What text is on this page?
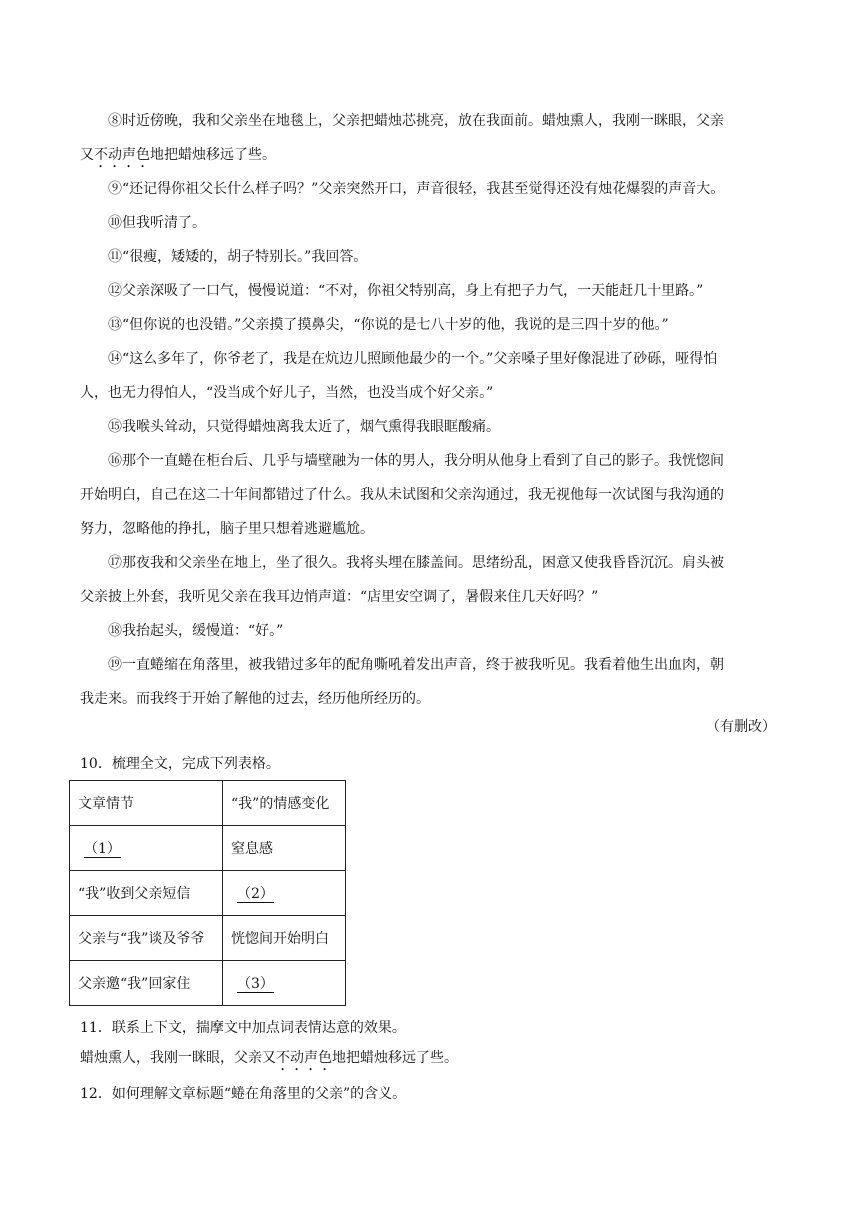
⑧时近傍晚，我和父亲坐在地毯上，父亲把蜡烛芯挑亮，放在我面前。蜡烛熏人，我刚一眯眼，父亲
又不动声色地把蜡烛移远了些。
⑨“还记得你祖父长什么样子吗？”父亲突然开口，声音很轻，我甚至觉得还没有烛花爆裂的声音大。
⑩但我听清了。
⑪“很瘦，矮矮的，胡子特别长。”我回答。
⑫父亲深吸了一口气，慢慢说道：“不对，你祖父特别高，身上有把子力气，一天能赶几十里路。”
⑬“但你说的也没错。”父亲摸了摸鼻尖，“你说的是七八十岁的他，我说的是三四十岁的他。”
⑭“这么多年了，你爷老了，我是在炕边儿照顾他最少的一个。”父亲嗓子里好像混进了砂砾，哑得怕
人，也无力得怕人，“没当成个好儿子，当然，也没当成个好父亲。”
⑮我喉头耸动，只觉得蜡烛离我太近了，烟气熏得我眼眶酸痛。
⑯那个一直蜷在柜台后、几乎与墙壁融为一体的男人，我分明从他身上看到了自己的影子。我恍惚间
开始明白，自己在这二十年间都错过了什么。我从未试图和父亲沟通过，我无视他每一次试图与我沟通的
努力，忽略他的挣扎，脑子里只想着逃避尴尬。
⑰那夜我和父亲坐在地上，坐了很久。我将头埋在膝盖间。思绪纷乱，困意又使我昏昏沉沉。肩头被
父亲披上外套，我听见父亲在我耳边悄声道：“店里安空调了，暑假来住几天好吗？”
⑱我抬起头，缓慢道：“好。”
⑲一直蜷缩在角落里，被我错过多年的配角嘶吼着发出声音，终于被我听见。我看着他生出血肉，朝
我走来。而我终于开始了解他的过去，经历他所经历的。
（有删改）
10．梳理全文，完成下列表格。
文章情节	“我”的情感变化
（1）	窒息感
“我”收到父亲短信	（2）
父亲与“我”谈及爷爷	恍惚间开始明白
父亲邀“我”回家住	（3）
11．联系上下文，揣摩文中加点词表情达意的效果。
蜡烛熏人，我刚一眯眼，父亲又不动声色地把蜡烛移远了些。
12．如何理解文章标题“蜷在角落里的父亲”的含义。
